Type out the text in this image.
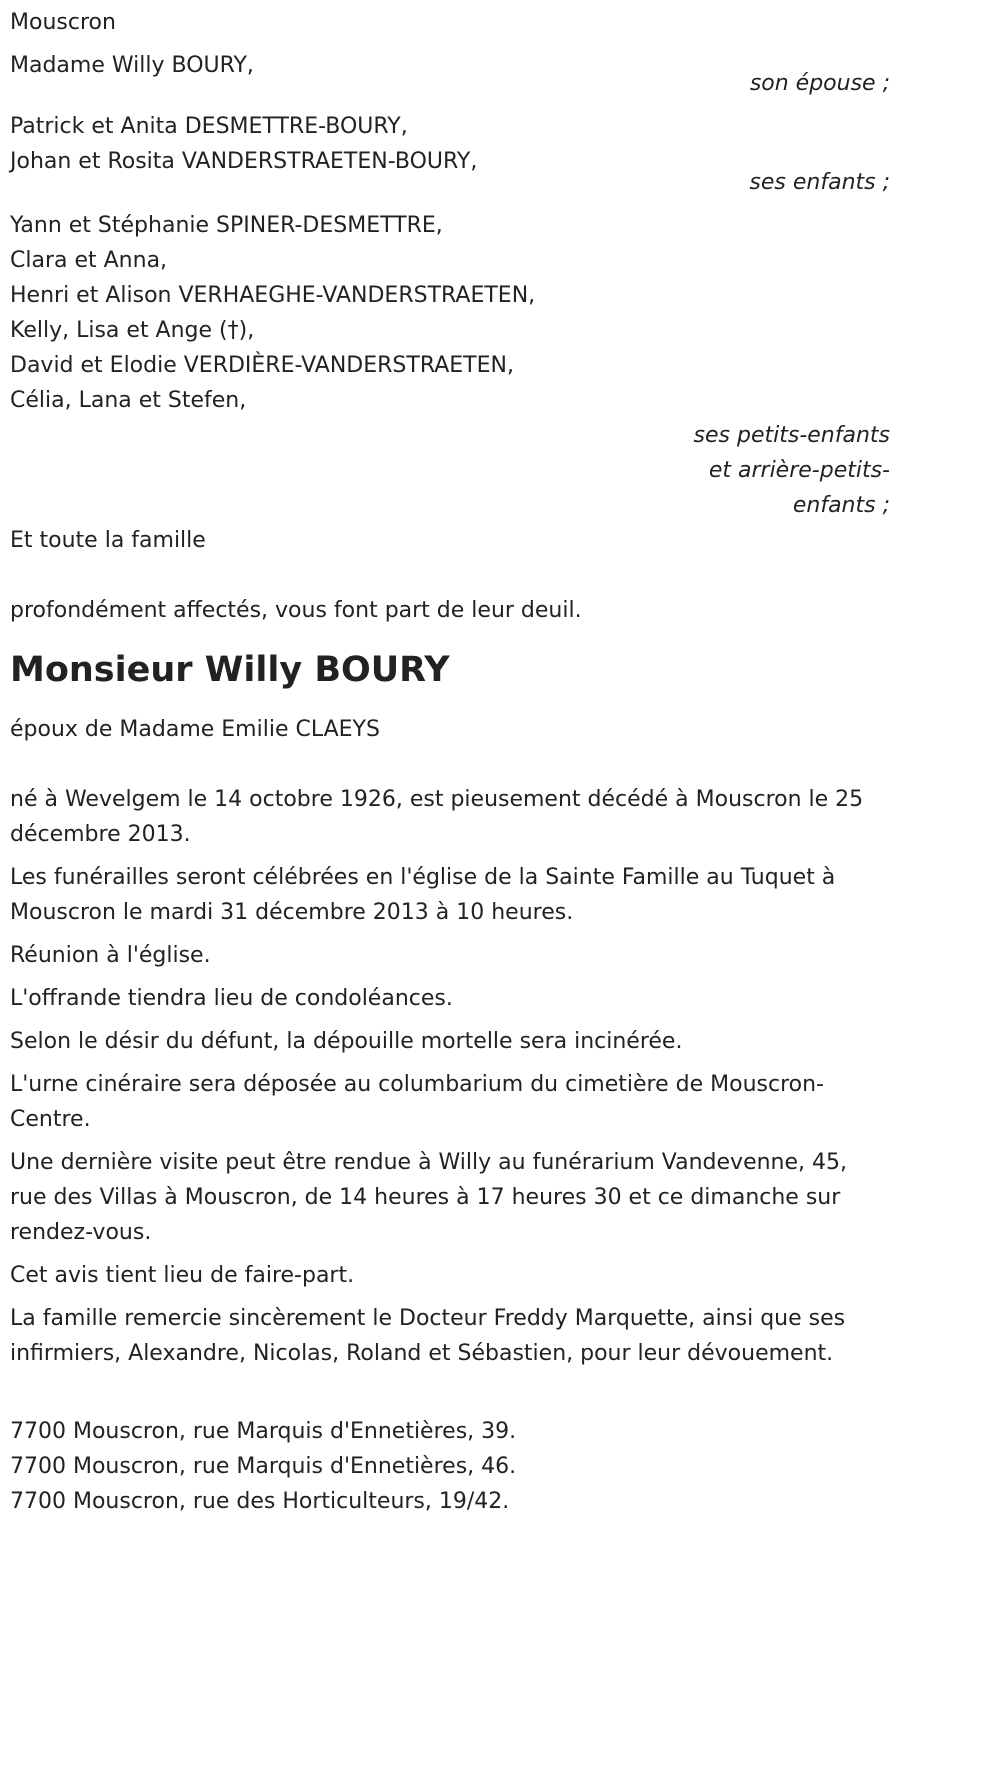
Mouscron
Madame Willy BOURY,
son épouse ;
Patrick et Anita DESMETTRE-BOURY,
Johan et Rosita VANDERSTRAETEN-BOURY,
ses enfants ;
Yann et Stéphanie SPINER-DESMETTRE,
Clara et Anna,
Henri et Alison VERHAEGHE-VANDERSTRAETEN,
Kelly, Lisa et Ange (†),
David et Elodie VERDIÈRE-VANDERSTRAETEN,
Célia, Lana et Stefen,
ses petits-enfants
et arrière-petits-
enfants ;
Et toute la famille
profondément affectés, vous font part de leur deuil.
Monsieur Willy BOURY
époux de Madame Emilie CLAEYS
né à Wevelgem le 14 octobre 1926, est pieusement décédé à Mouscron le 25 décembre 2013.
Les funérailles seront célébrées en l'église de la Sainte Famille au Tuquet à Mouscron le mardi 31 décembre 2013 à 10 heures.
Réunion à l'église.
L'offrande tiendra lieu de condoléances.
Selon le désir du défunt, la dépouille mortelle sera incinérée.
L'urne cinéraire sera déposée au columbarium du cimetière de Mouscron-Centre.
Une dernière visite peut être rendue à Willy au funérarium Vandevenne, 45, rue des Villas à Mouscron, de 14 heures à 17 heures 30 et ce dimanche sur rendez-vous.
Cet avis tient lieu de faire-part.
La famille remercie sincèrement le Docteur Freddy Marquette, ainsi que ses infirmiers, Alexandre, Nicolas, Roland et Sébastien, pour leur dévouement.
7700 Mouscron, rue Marquis d'Ennetières, 39.
7700 Mouscron, rue Marquis d'Ennetières, 46.
7700 Mouscron, rue des Horticulteurs, 19/42.
